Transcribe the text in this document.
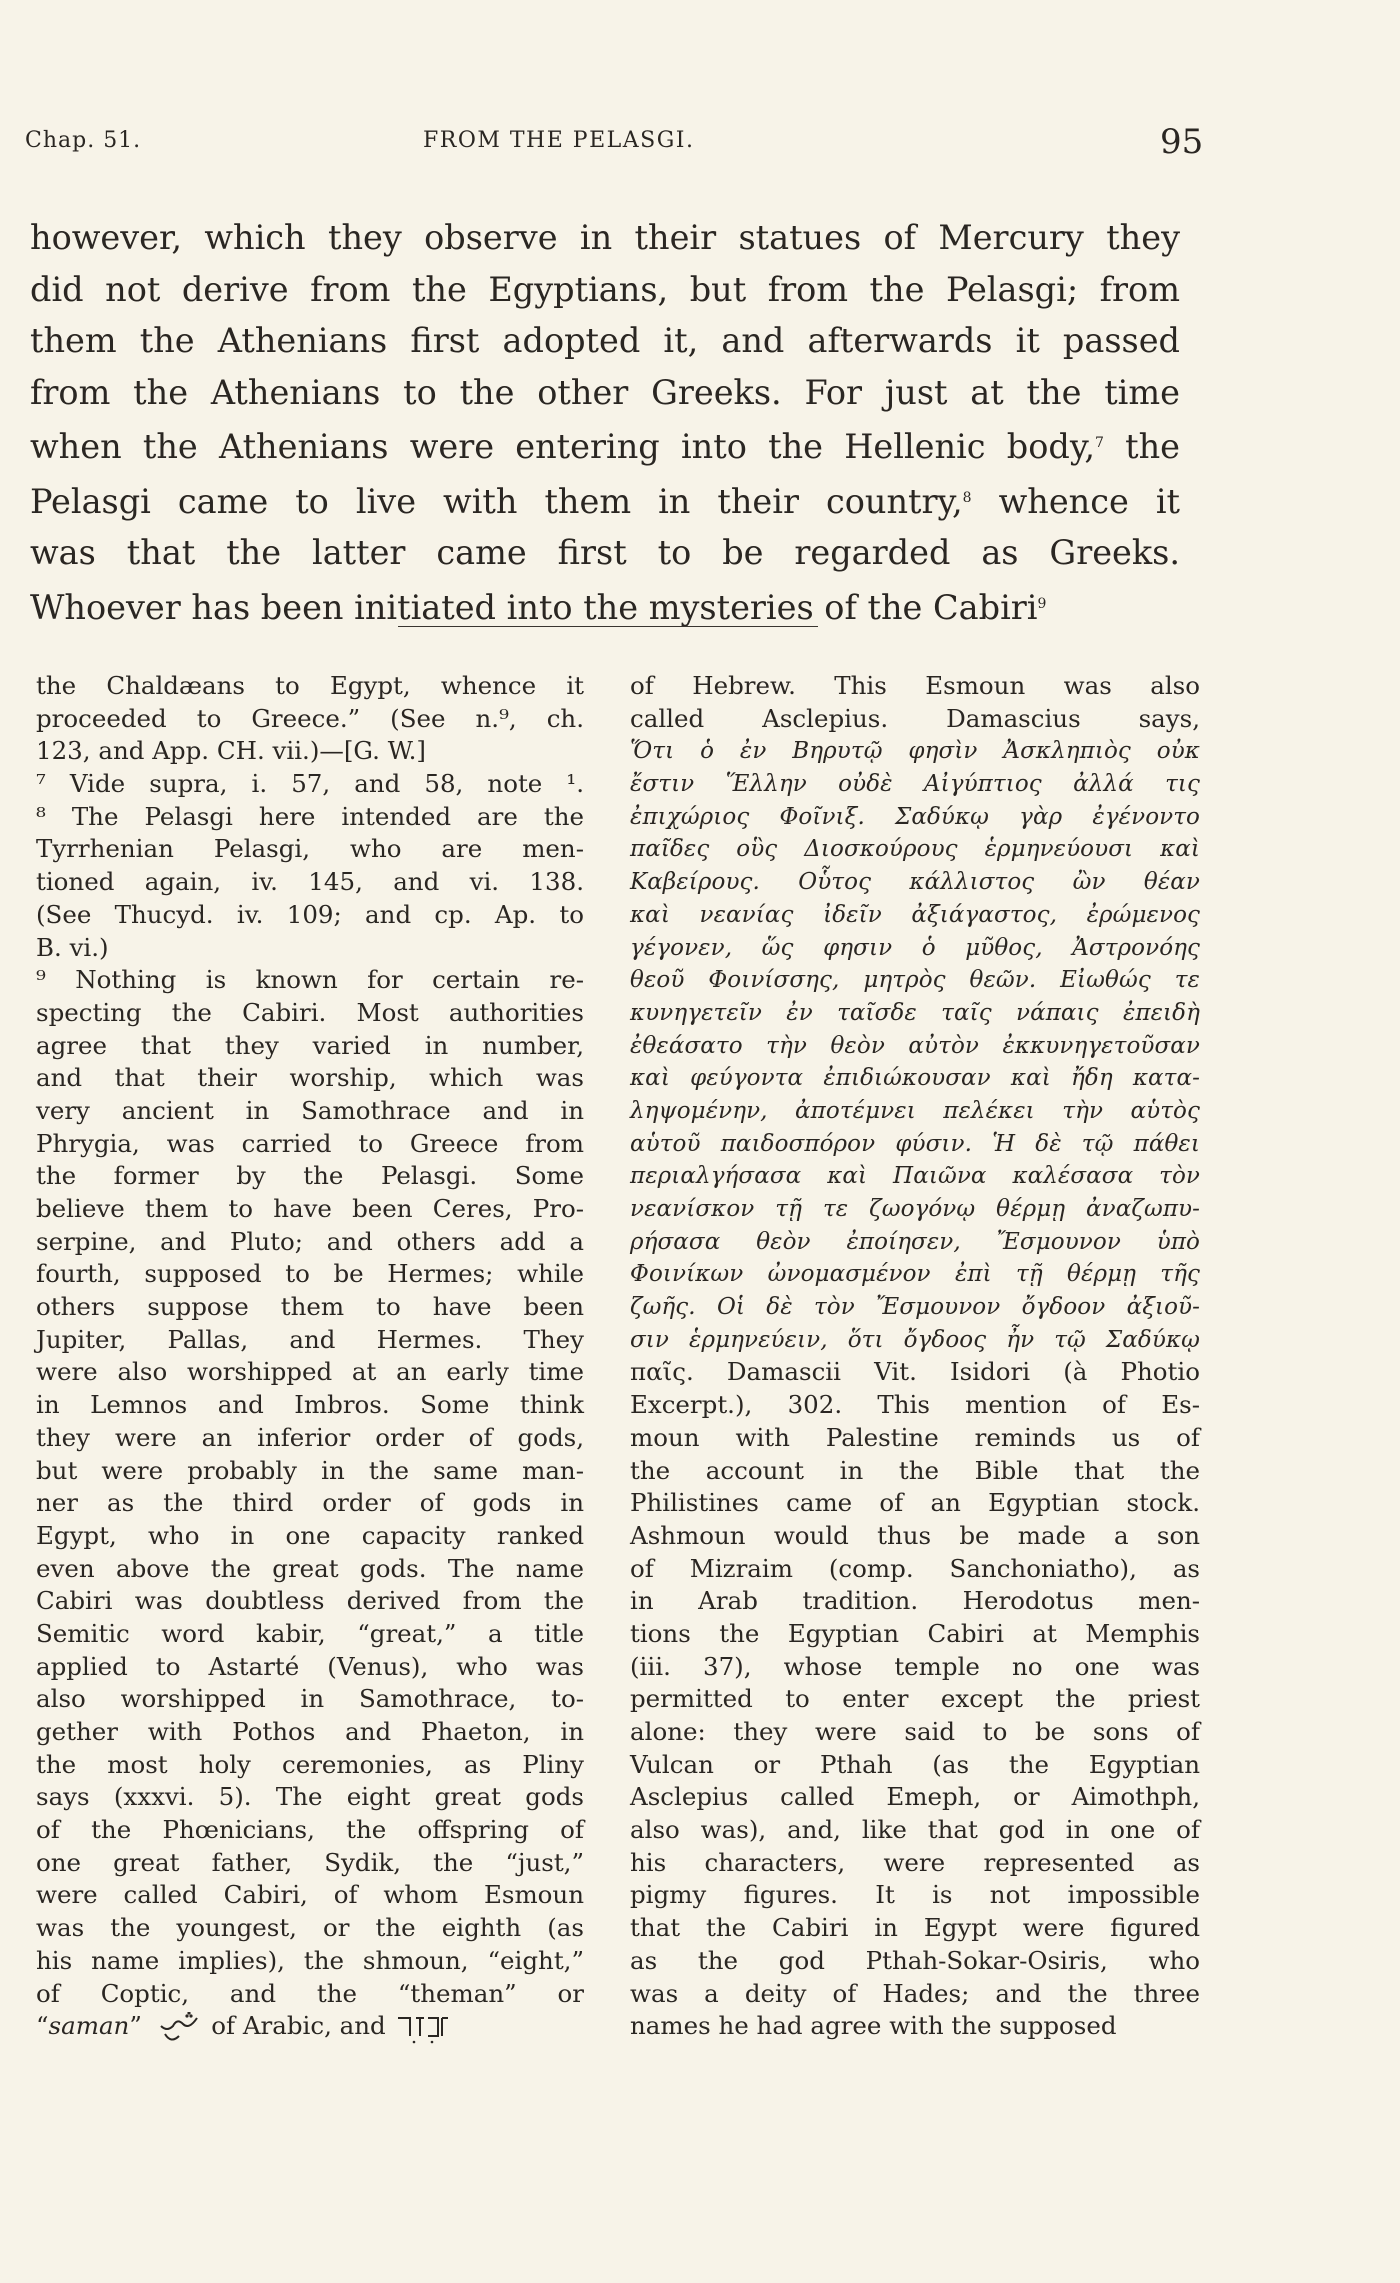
Chap. 51.	FROM THE PELASGI.	95
however, which they observe in their statues of Mercury they
did not derive from the Egyptians, but from the Pelasgi; from
them the Athenians first adopted it, and afterwards it passed
from the Athenians to the other Greeks. For just at the time
when the Athenians were entering into the Hellenic body,$^7$ the
Pelasgi came to live with them in their country,$^8$ whence it
was that the latter came first to be regarded as Greeks.
Whoever has been initiated into the mysteries of the Cabiri$^9$
the Chaldæans to Egypt, whence it
proceeded to Greece.” (See n.⁹, ch.
123, and App. CH. vii.)—[G. W.]
⁷ Vide supra, i. 57, and 58, note ¹.
⁸ The Pelasgi here intended are the
Tyrrhenian Pelasgi, who are men-
tioned again, iv. 145, and vi. 138.
(See Thucyd. iv. 109; and cp. Ap. to
B. vi.)
⁹ Nothing is known for certain re-
specting the Cabiri. Most authorities
agree that they varied in number,
and that their worship, which was
very ancient in Samothrace and in
Phrygia, was carried to Greece from
the former by the Pelasgi. Some
believe them to have been Ceres, Pro-
serpine, and Pluto; and others add a
fourth, supposed to be Hermes; while
others suppose them to have been
Jupiter, Pallas, and Hermes. They
were also worshipped at an early time
in Lemnos and Imbros. Some think
they were an inferior order of gods,
but were probably in the same man-
ner as the third order of gods in
Egypt, who in one capacity ranked
even above the great gods. The name
Cabiri was doubtless derived from the
Semitic word kabir, “great,” a title
applied to Astarté (Venus), who was
also worshipped in Samothrace, to-
gether with Pothos and Phaeton, in
the most holy ceremonies, as Pliny
says (xxxvi. 5). The eight great gods
of the Phœnicians, the offspring of
one great father, Sydik, the “just,”
were called Cabiri, of whom Esmoun
was the youngest, or the eighth (as
his name implies), the shmoun, “eight,”
of Coptic, and the “theman” or
“saman”	of Arabic, and
of Hebrew. This Esmoun was also
called Asclepius. Damascius says,
Ὅτι ὁ ἐν Βηρυτῷ φησὶν Ἀσκληπιὸς οὐκ
ἔστιν Ἕλλην οὐδὲ Αἰγύπτιος ἀλλά τις
ἐπιχώριος Φοῖνιξ. Σαδύκῳ γὰρ ἐγένοντο
παῖδες οὓς Διοσκούρους ἑρμηνεύουσι καὶ
Καβείρους. Οὗτος κάλλιστος ὢν θέαν
καὶ νεανίας ἰδεῖν ἀξιάγαστος, ἐρώμενος
γέγονεν, ὥς φησιν ὁ μῦθος, Ἀστρονόης
θεοῦ Φοινίσσης, μητρὸς θεῶν. Εἰωθώς τε
κυνηγετεῖν ἐν ταῖσδε ταῖς νάπαις ἐπειδὴ
ἐθεάσατο τὴν θεὸν αὐτὸν ἐκκυνηγετοῦσαν
καὶ φεύγοντα ἐπιδιώκουσαν καὶ ἤδη κατα-
ληψομένην, ἀποτέμνει πελέκει τὴν αὑτὸς
αὑτοῦ παιδοσπόρον φύσιν. Ἡ δὲ τῷ πάθει
περιαλγήσασα καὶ Παιῶνα καλέσασα τὸν
νεανίσκον τῇ τε ζωογόνῳ θέρμῃ ἀναζωπυ-
ρήσασα θεὸν ἐποίησεν, Ἔσμουνον ὑπὸ
Φοινίκων ὠνομασμένον ἐπὶ τῇ θέρμῃ τῆς
ζωῆς. Οἱ δὲ τὸν Ἔσμουνον ὄγδοον ἀξιοῦ-
σιν ἑρμηνεύειν, ὅτι ὄγδοος ἦν τῷ Σαδύκῳ
παῖς. Damascii Vit. Isidori (à Photio
Excerpt.), 302. This mention of Es-
moun with Palestine reminds us of
the account in the Bible that the
Philistines came of an Egyptian stock.
Ashmoun would thus be made a son
of Mizraim (comp. Sanchoniatho), as
in Arab tradition. Herodotus men-
tions the Egyptian Cabiri at Memphis
(iii. 37), whose temple no one was
permitted to enter except the priest
alone: they were said to be sons of
Vulcan or Pthah (as the Egyptian
Asclepius called Emeph, or Aimothph,
also was), and, like that god in one of
his characters, were represented as
pigmy figures. It is not impossible
that the Cabiri in Egypt were figured
as the god Pthah-Sokar-Osiris, who
was a deity of Hades; and the three
names he had agree with the supposed
